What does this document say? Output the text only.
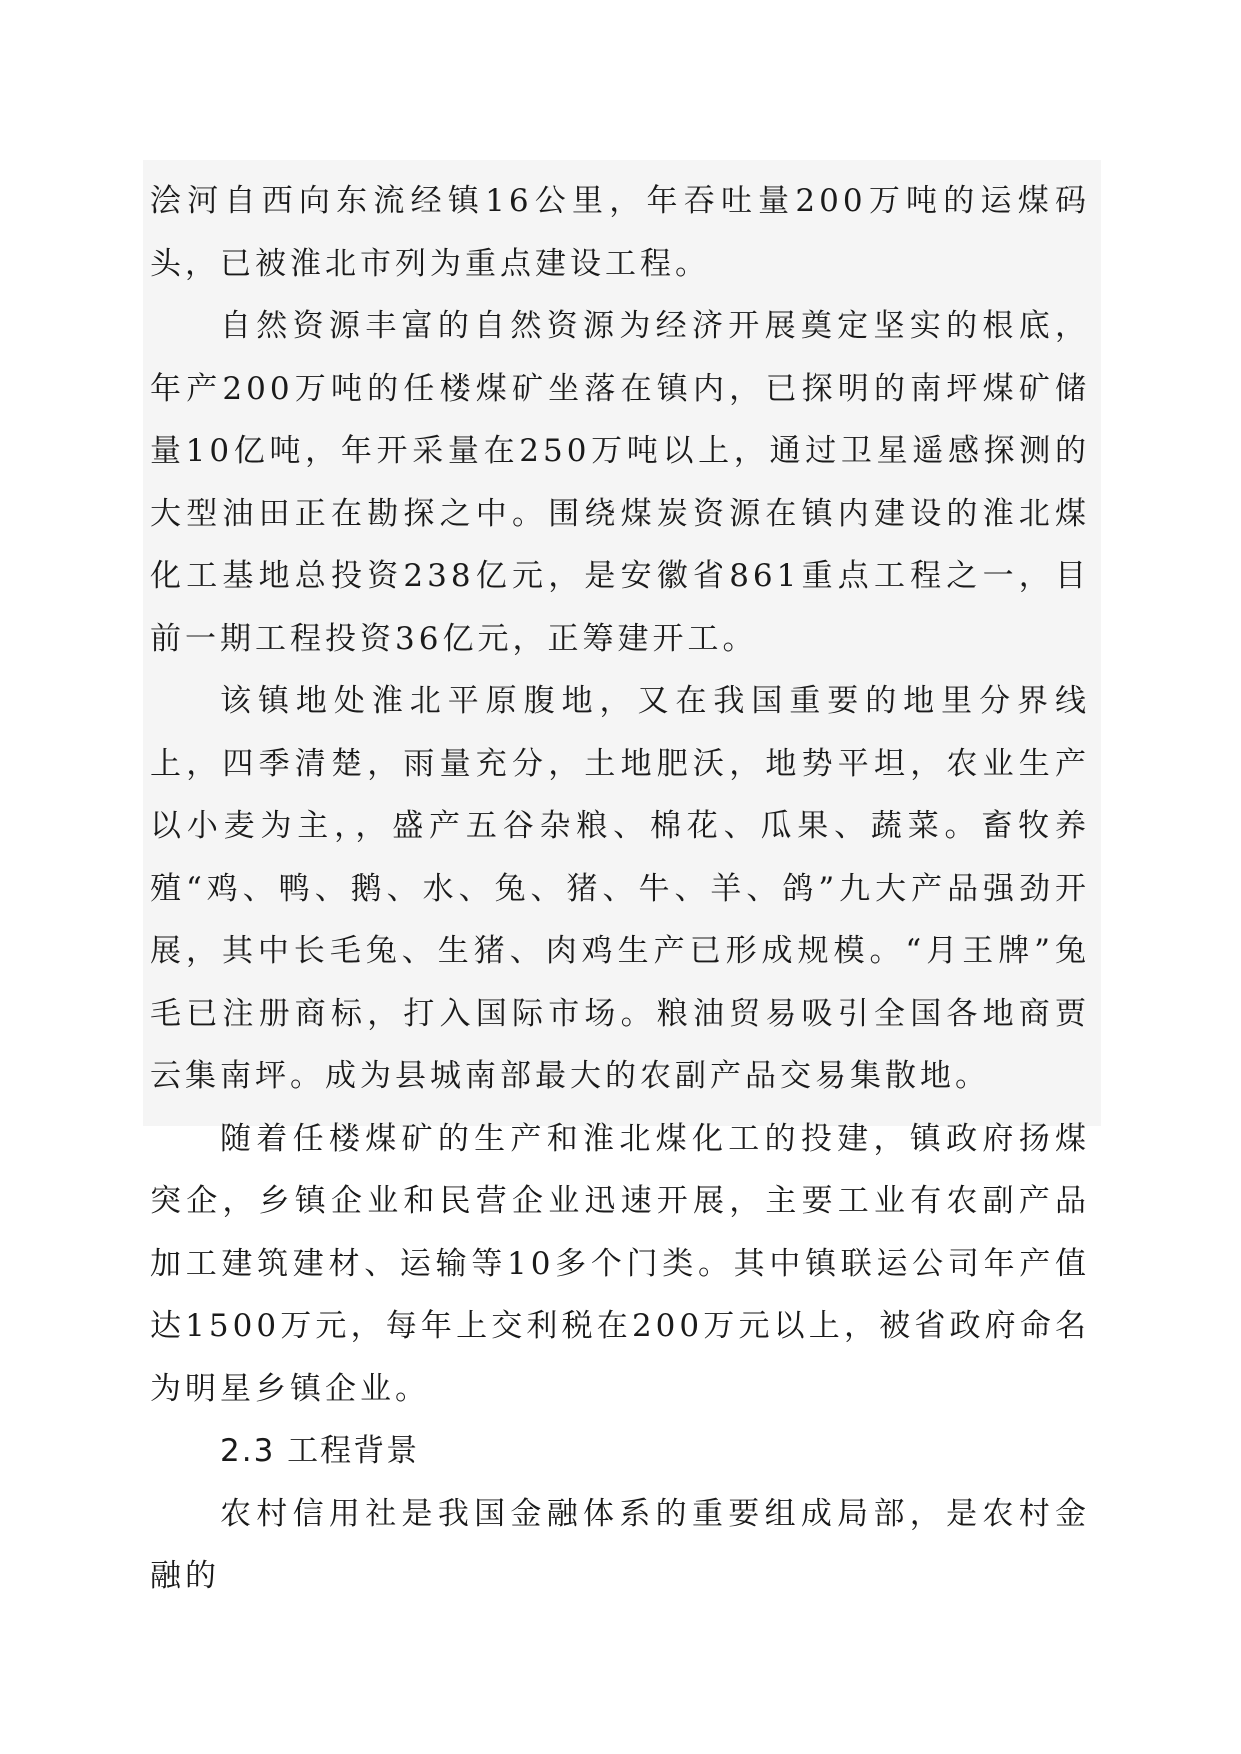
浍河自西向东流经镇16公里，年吞吐量200万吨的运煤码头，已被淮北市列为重点建设工程。

自然资源丰富的自然资源为经济开展奠定坚实的根底，年产200万吨的任楼煤矿坐落在镇内，已探明的南坪煤矿储量10亿吨，年开采量在250万吨以上，通过卫星遥感探测的大型油田正在勘探之中。围绕煤炭资源在镇内建设的淮北煤化工基地总投资238亿元，是安徽省861重点工程之一，目前一期工程投资36亿元，正筹建开工。

该镇地处淮北平原腹地，又在我国重要的地里分界线上，四季清楚，雨量充分，土地肥沃，地势平坦，农业生产以小麦为主，，盛产五谷杂粮、棉花、瓜果、蔬菜。畜牧养殖“鸡、鸭、鹅、水、兔、猪、牛、羊、鸽”九大产品强劲开展，其中长毛兔、生猪、肉鸡生产已形成规模。“月王牌”兔毛已注册商标，打入国际市场。粮油贸易吸引全国各地商贾云集南坪。成为县城南部最大的农副产品交易集散地。

随着任楼煤矿的生产和淮北煤化工的投建，镇政府扬煤突企，乡镇企业和民营企业迅速开展，主要工业有农副产品加工建筑建材、运输等10多个门类。其中镇联运公司年产值达1500万元，每年上交利税在200万元以上，被省政府命名为明星乡镇企业。

2.3 工程背景

农村信用社是我国金融体系的重要组成局部，是农村金融的
